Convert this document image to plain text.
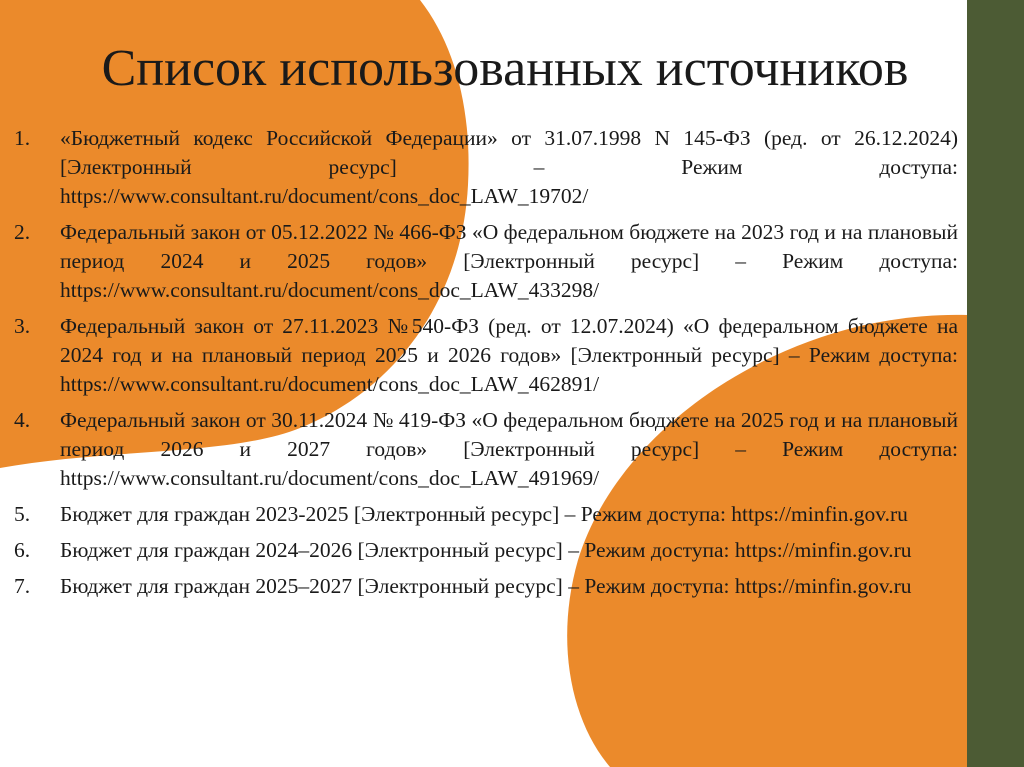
Список использованных источников
1.	«Бюджетный кодекс Российской Федерации» от 31.07.1998 N 145-ФЗ (ред. от 26.12.2024) [Электронный ресурс] – Режим доступа: https://www.consultant.ru/document/cons_doc_LAW_19702/
2.	Федеральный закон от 05.12.2022 № 466-ФЗ «О федеральном бюджете на 2023 год и на плановый период 2024 и 2025 годов» [Электронный ресурс] – Режим доступа: https://www.consultant.ru/document/cons_doc_LAW_433298/
3.	Федеральный закон от 27.11.2023 №540-ФЗ (ред. от 12.07.2024) «О федеральном бюджете на 2024 год и на плановый период 2025 и 2026 годов» [Электронный ресурс] – Режим доступа: https://www.consultant.ru/document/cons_doc_LAW_462891/
4.	Федеральный закон от 30.11.2024 № 419-ФЗ «О федеральном бюджете на 2025 год и на плановый период 2026 и 2027 годов» [Электронный ресурс] – Режим доступа: https://www.consultant.ru/document/cons_doc_LAW_491969/
5.	Бюджет для граждан 2023-2025 [Электронный ресурс] – Режим доступа: https://minfin.gov.ru
6.	Бюджет для граждан 2024–2026 [Электронный ресурс] – Режим доступа: https://minfin.gov.ru
7.	Бюджет для граждан 2025–2027 [Электронный ресурс] – Режим доступа: https://minfin.gov.ru
